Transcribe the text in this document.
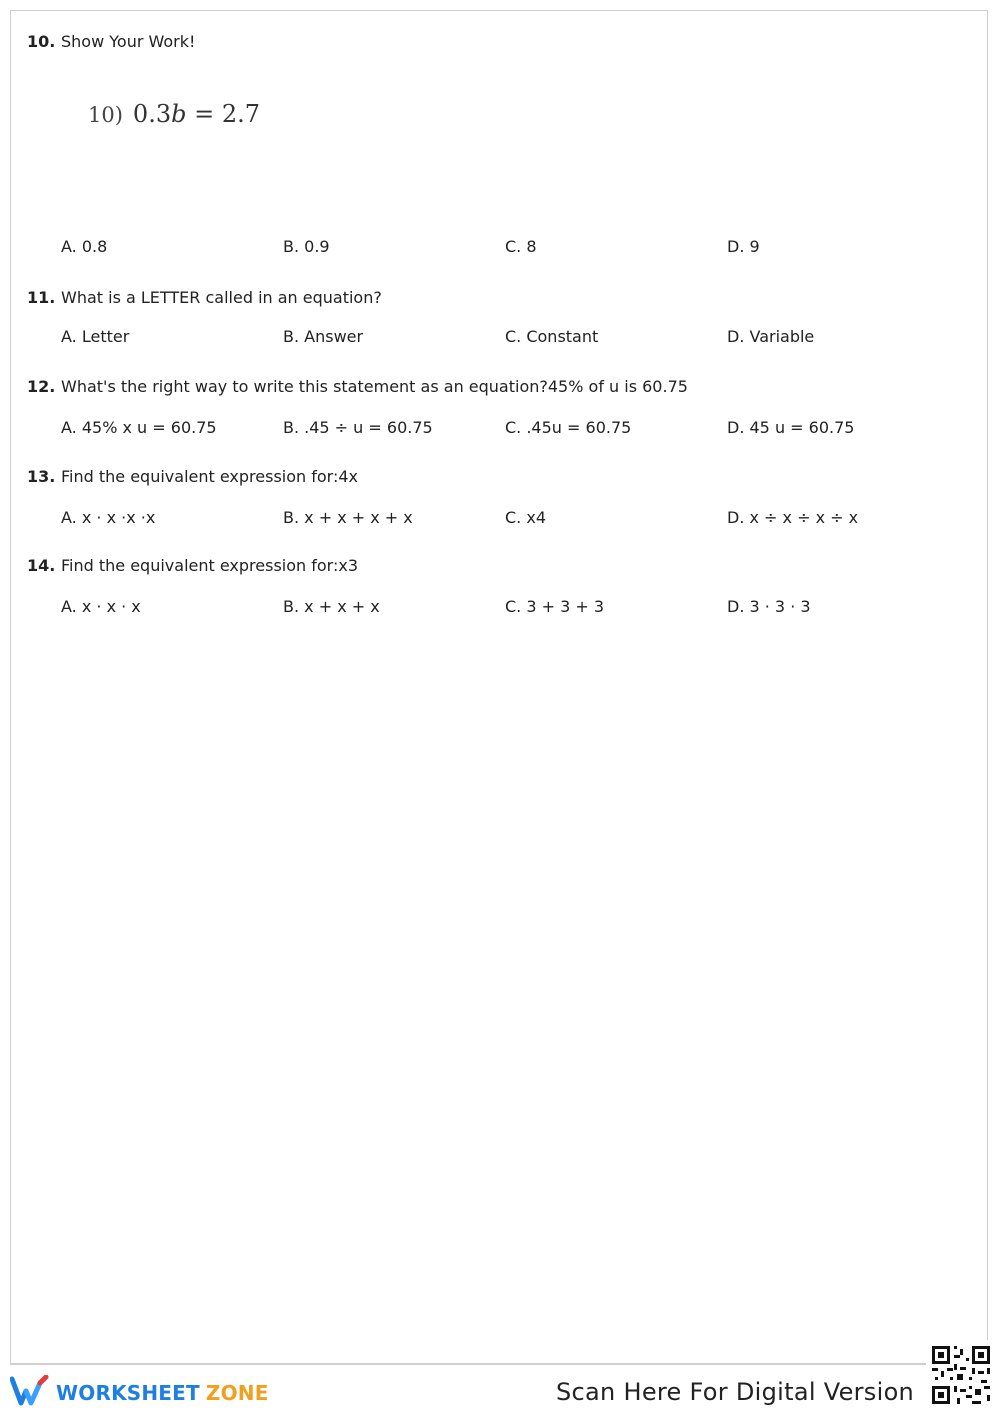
10. Show Your Work!
10) 0.3b = 2.7
A. 0.8	B. 0.9	C. 8	D. 9
11. What is a LETTER called in an equation?
A. Letter	B. Answer	C. Constant	D. Variable
12. What's the right way to write this statement as an equation?45% of u is 60.75
A. 45% x u = 60.75	B. .45 ÷ u = 60.75	C. .45u = 60.75	D. 45 u = 60.75
13. Find the equivalent expression for:4x
A. x · x ·x ·x	B. x + x + x + x	C. x4	D. x ÷ x ÷ x ÷ x
14. Find the equivalent expression for:x3
A. x · x · x	B. x + x + x	C. 3 + 3 + 3	D. 3 · 3 · 3
WORKSHEET ZONE	Scan Here For Digital Version
